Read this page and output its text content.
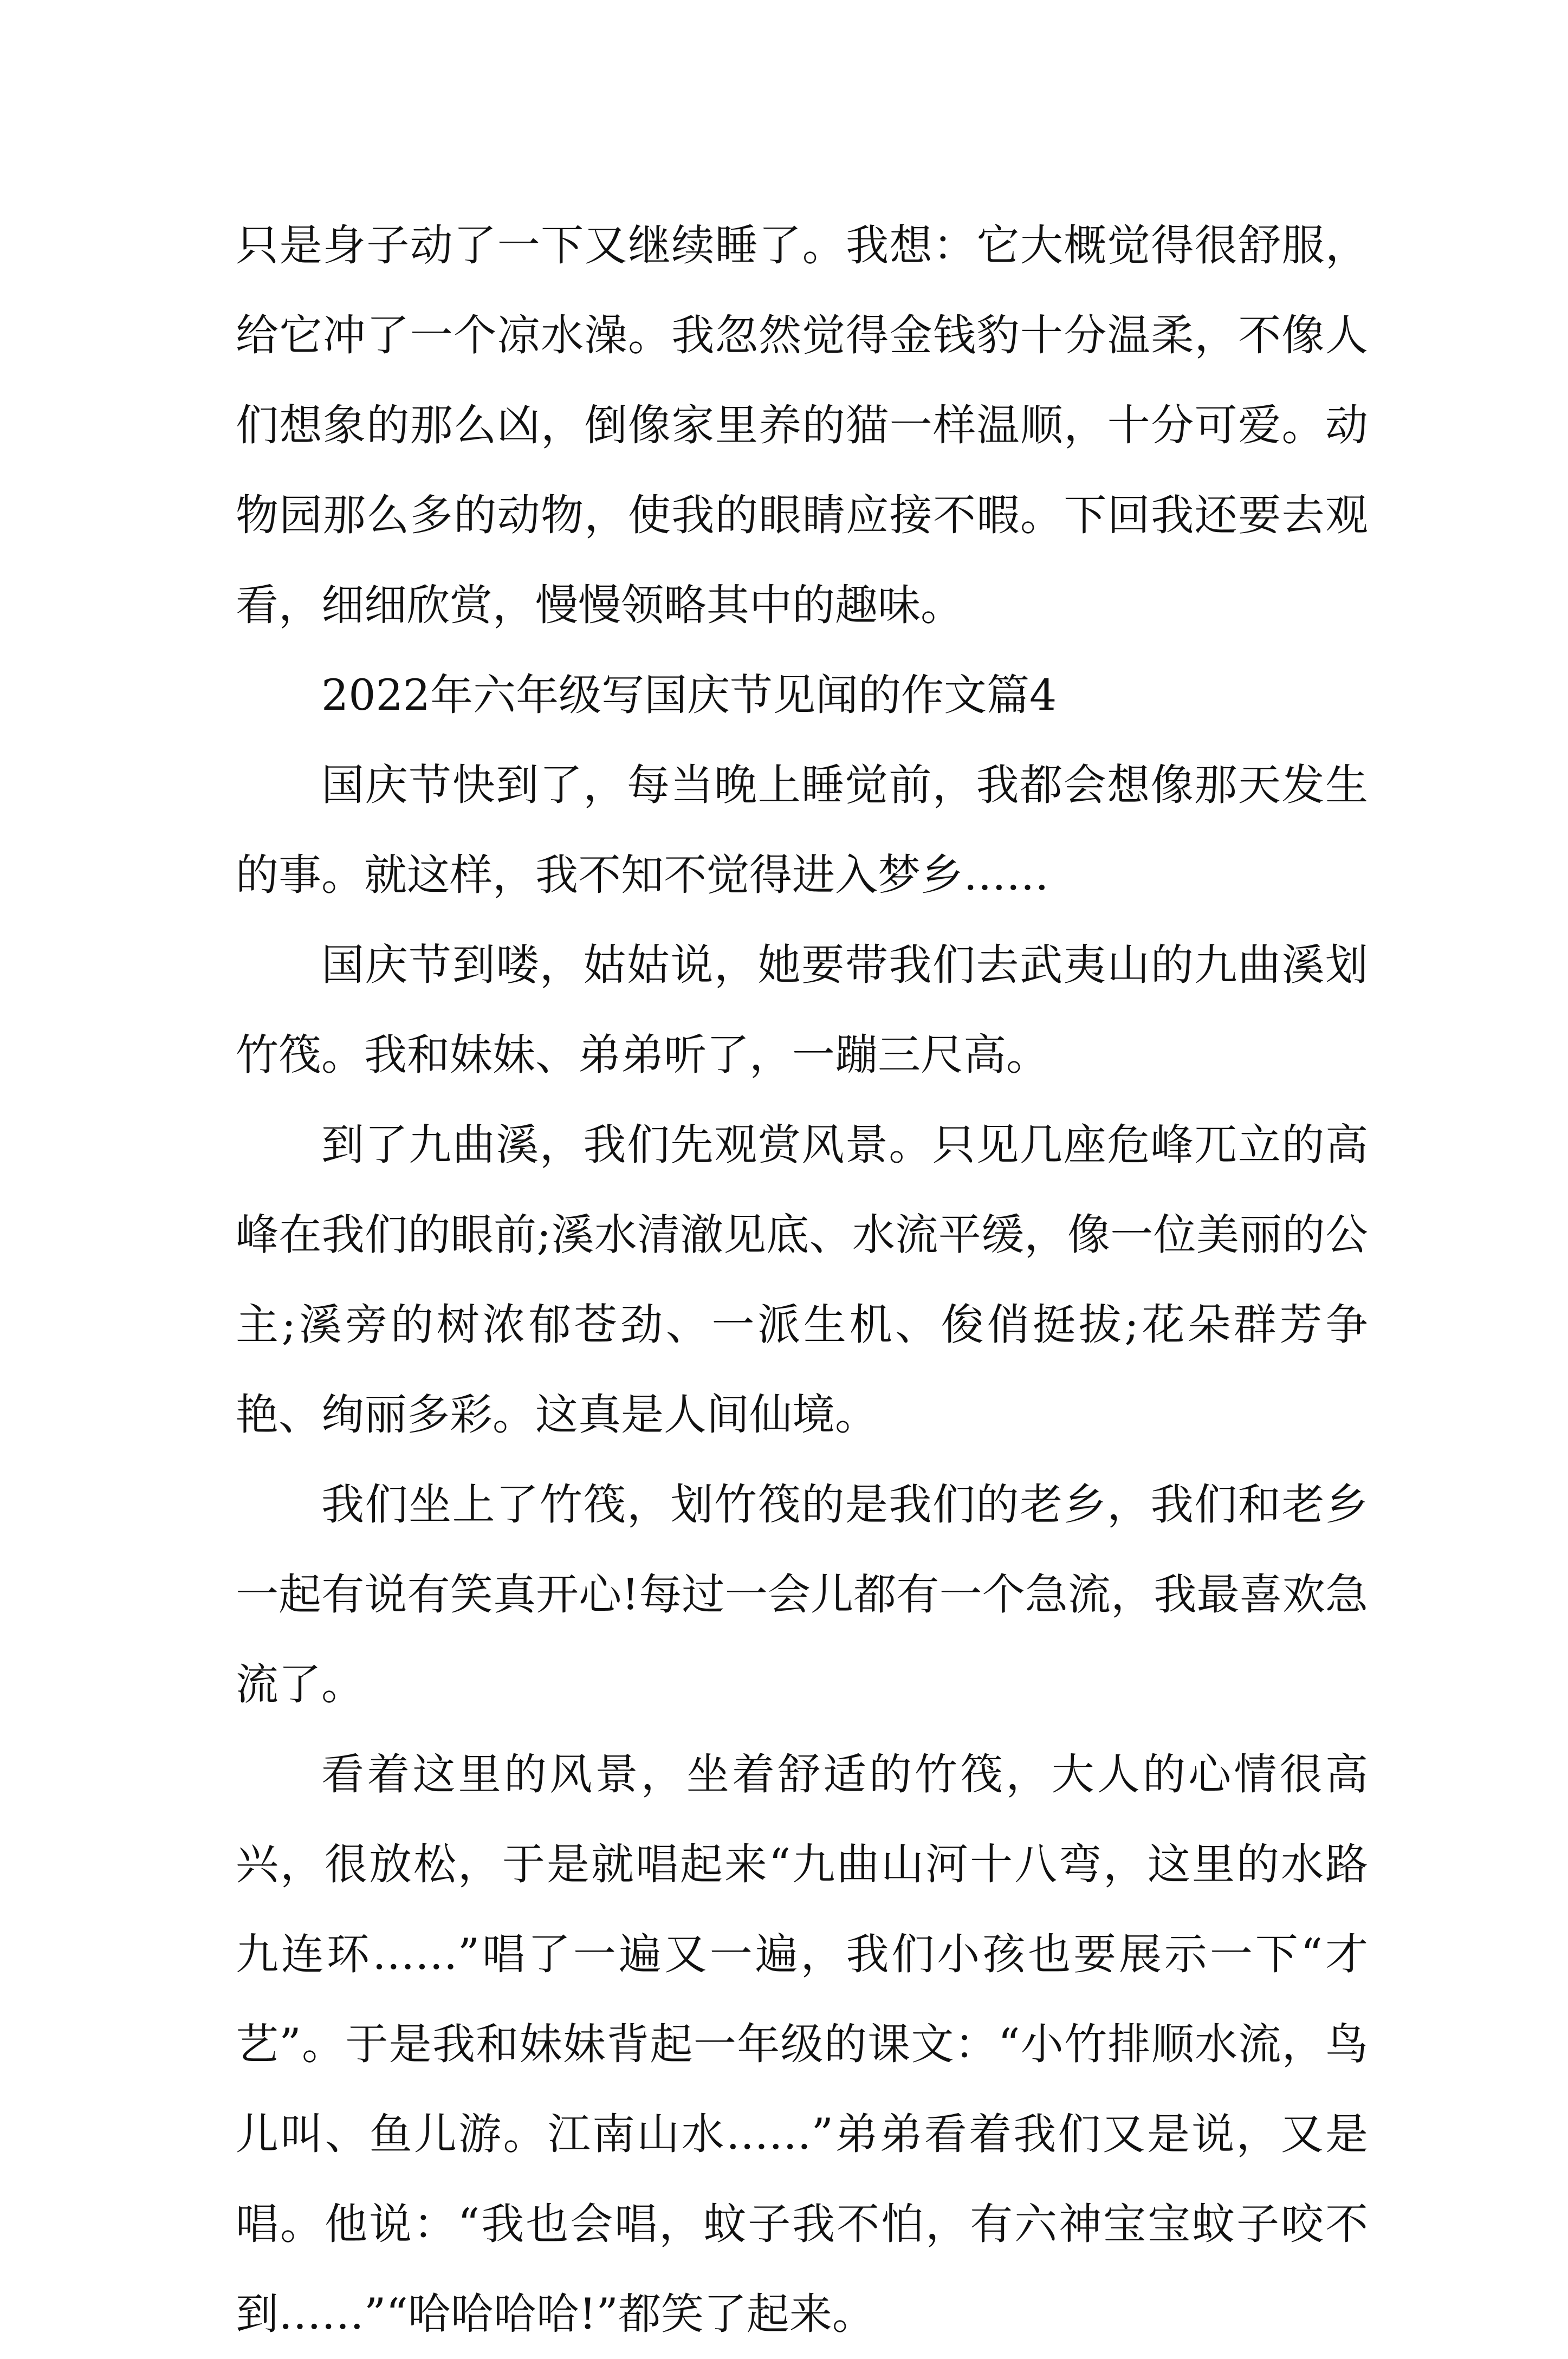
只是身子动了一下又继续睡了。我想：它大概觉得很舒服，给它冲了一个凉水澡。我忽然觉得金钱豹十分温柔，不像人们想象的那么凶，倒像家里养的猫一样温顺，十分可爱。动物园那么多的动物，使我的眼睛应接不暇。下回我还要去观看，细细欣赏，慢慢领略其中的趣味。

2022年六年级写国庆节见闻的作文篇4

国庆节快到了，每当晚上睡觉前，我都会想像那天发生的事。就这样，我不知不觉得进入梦乡……

国庆节到喽，姑姑说，她要带我们去武夷山的九曲溪划竹筏。我和妹妹、弟弟听了，一蹦三尺高。

到了九曲溪，我们先观赏风景。只见几座危峰兀立的高峰在我们的眼前;溪水清澈见底、水流平缓，像一位美丽的公主;溪旁的树浓郁苍劲、一派生机、俊俏挺拔;花朵群芳争艳、绚丽多彩。这真是人间仙境。

我们坐上了竹筏，划竹筏的是我们的老乡，我们和老乡一起有说有笑真开心!每过一会儿都有一个急流，我最喜欢急流了。

看着这里的风景，坐着舒适的竹筏，大人的心情很高兴，很放松，于是就唱起来“九曲山河十八弯，这里的水路九连环……”唱了一遍又一遍，我们小孩也要展示一下“才艺”。于是我和妹妹背起一年级的课文：“小竹排顺水流，鸟儿叫、鱼儿游。江南山水……”弟弟看着我们又是说，又是唱。他说：“我也会唱，蚊子我不怕，有六神宝宝蚊子咬不到……”“哈哈哈哈!”都笑了起来。
